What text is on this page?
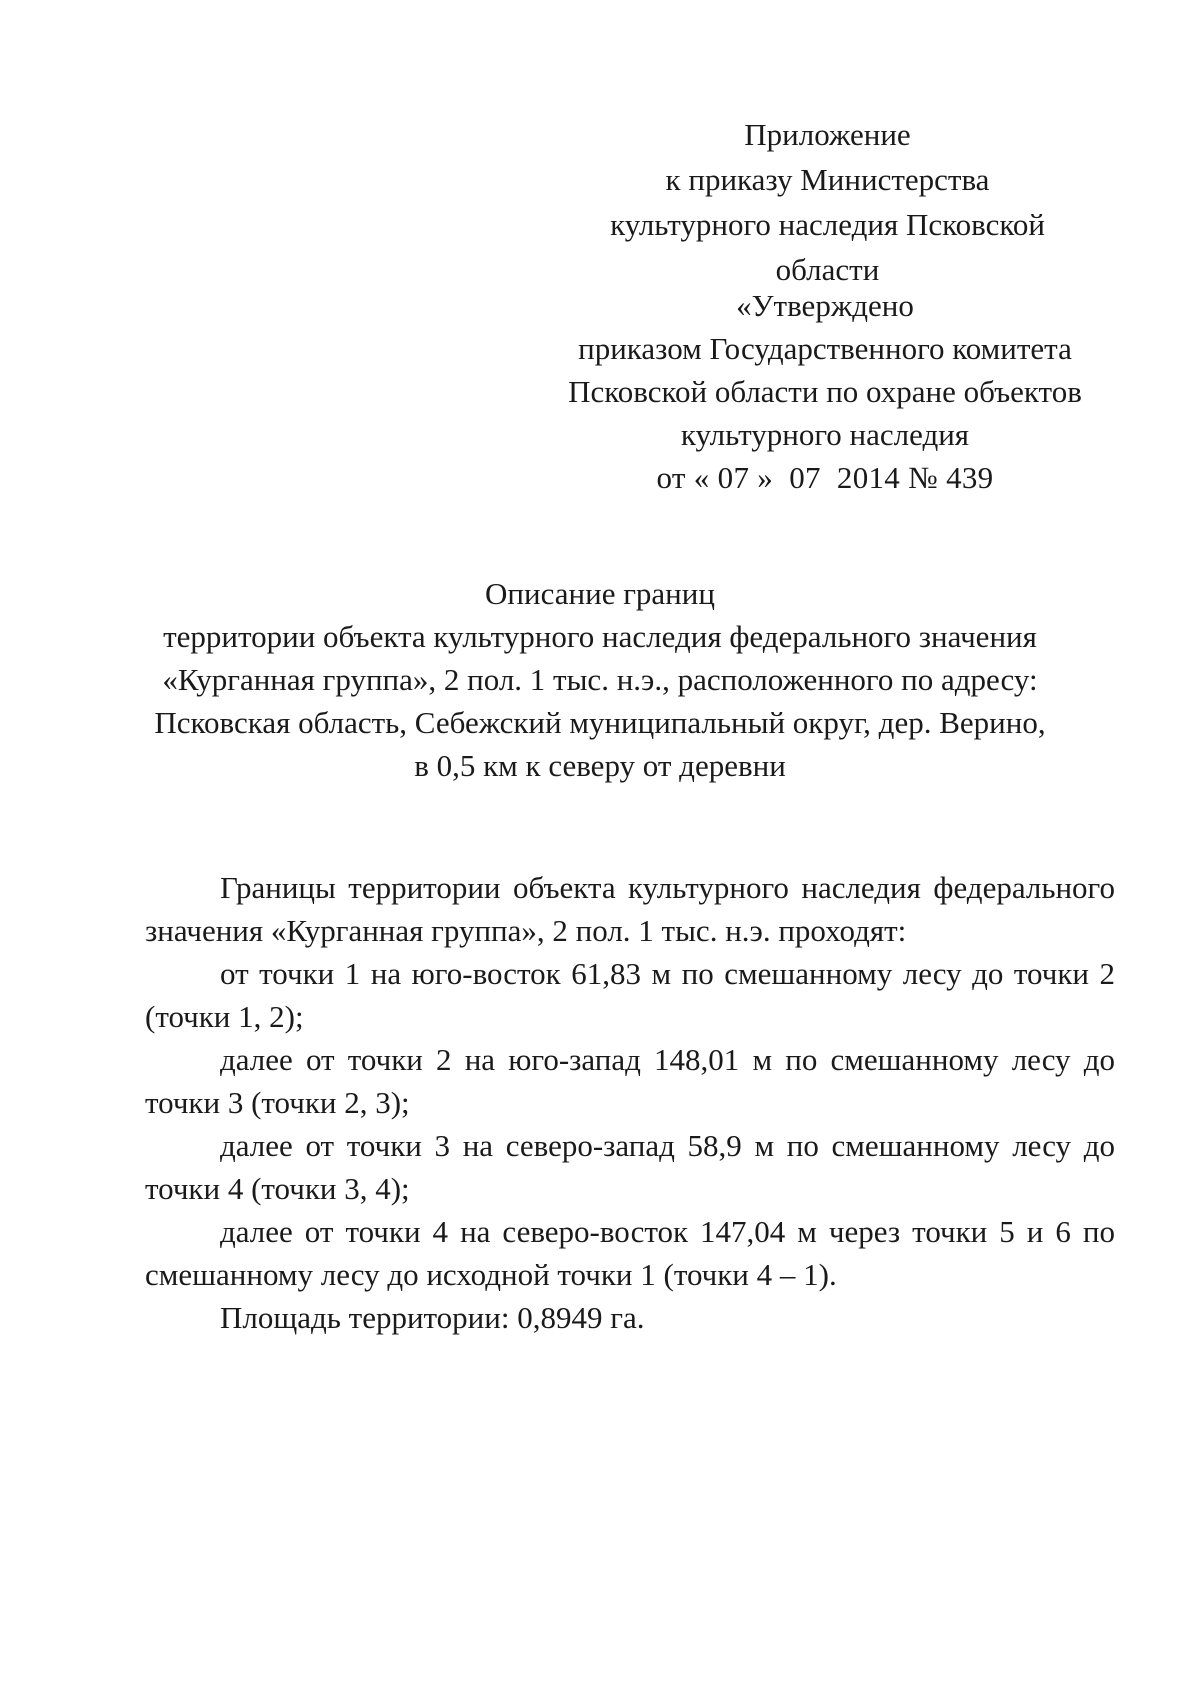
Приложение
к приказу Министерства
культурного наследия Псковской области
«Утверждено
приказом Государственного комитета
Псковской области по охране объектов
культурного наследия
от « 07 »  07  2014 № 439
Описание границ
территории объекта культурного наследия федерального значения
«Курганная группа», 2 пол. 1 тыс. н.э., расположенного по адресу:
Псковская область, Себежский муниципальный округ, дер. Верино,
в 0,5 км к северу от деревни

Границы территории объекта культурного наследия федерального значения «Курганная группа», 2 пол. 1 тыс. н.э. проходят:

от точки 1 на юго-восток 61,83 м по смешанному лесу до точки 2 (точки 1, 2);

далее от точки 2 на юго-запад 148,01 м по смешанному лесу до точки 3 (точки 2, 3);

далее от точки 3 на северо-запад 58,9 м по смешанному лесу до точки 4 (точки 3, 4);

далее от точки 4 на северо-восток 147,04 м через точки 5 и 6 по смешанному лесу до исходной точки 1 (точки 4 – 1).

Площадь территории: 0,8949 га.
